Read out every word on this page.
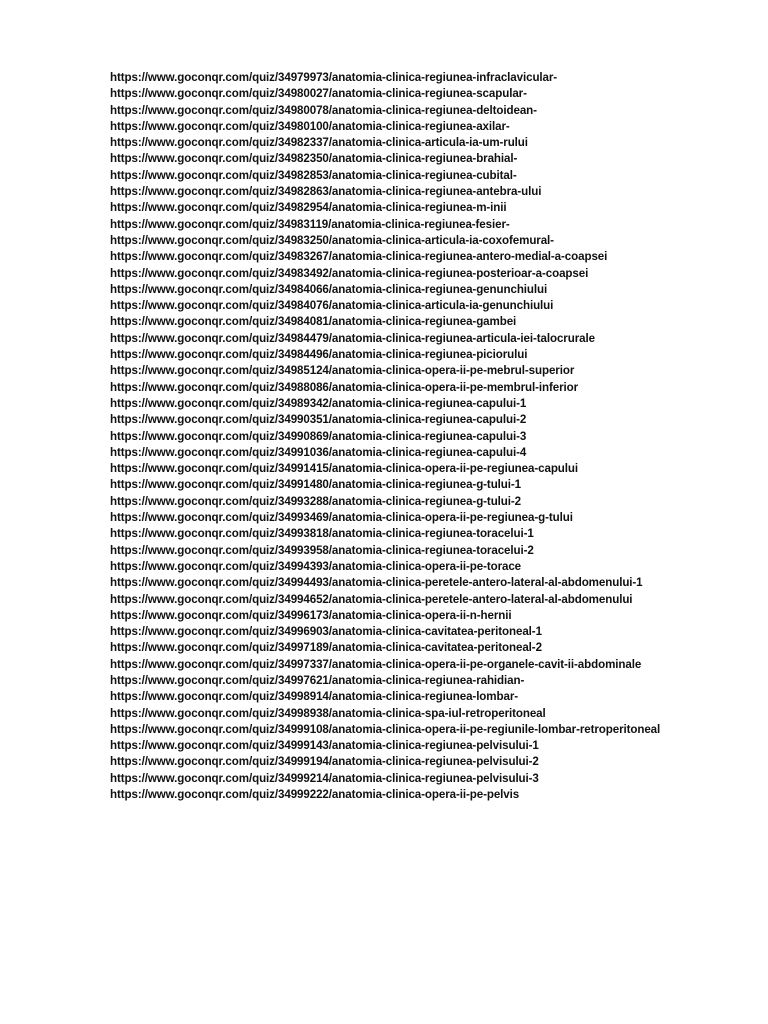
https://www.goconqr.com/quiz/34979973/anatomia-clinica-regiunea-infraclavicular-
https://www.goconqr.com/quiz/34980027/anatomia-clinica-regiunea-scapular-
https://www.goconqr.com/quiz/34980078/anatomia-clinica-regiunea-deltoidean-
https://www.goconqr.com/quiz/34980100/anatomia-clinica-regiunea-axilar-
https://www.goconqr.com/quiz/34982337/anatomia-clinica-articula-ia-um-rului
https://www.goconqr.com/quiz/34982350/anatomia-clinica-regiunea-brahial-
https://www.goconqr.com/quiz/34982853/anatomia-clinica-regiunea-cubital-
https://www.goconqr.com/quiz/34982863/anatomia-clinica-regiunea-antebra-ului
https://www.goconqr.com/quiz/34982954/anatomia-clinica-regiunea-m-inii
https://www.goconqr.com/quiz/34983119/anatomia-clinica-regiunea-fesier-
https://www.goconqr.com/quiz/34983250/anatomia-clinica-articula-ia-coxofemural-
https://www.goconqr.com/quiz/34983267/anatomia-clinica-regiunea-antero-medial-a-coapsei
https://www.goconqr.com/quiz/34983492/anatomia-clinica-regiunea-posterioar-a-coapsei
https://www.goconqr.com/quiz/34984066/anatomia-clinica-regiunea-genunchiului
https://www.goconqr.com/quiz/34984076/anatomia-clinica-articula-ia-genunchiului
https://www.goconqr.com/quiz/34984081/anatomia-clinica-regiunea-gambei
https://www.goconqr.com/quiz/34984479/anatomia-clinica-regiunea-articula-iei-talocrurale
https://www.goconqr.com/quiz/34984496/anatomia-clinica-regiunea-piciorului
https://www.goconqr.com/quiz/34985124/anatomia-clinica-opera-ii-pe-mebrul-superior
https://www.goconqr.com/quiz/34988086/anatomia-clinica-opera-ii-pe-membrul-inferior
https://www.goconqr.com/quiz/34989342/anatomia-clinica-regiunea-capului-1
https://www.goconqr.com/quiz/34990351/anatomia-clinica-regiunea-capului-2
https://www.goconqr.com/quiz/34990869/anatomia-clinica-regiunea-capului-3
https://www.goconqr.com/quiz/34991036/anatomia-clinica-regiunea-capului-4
https://www.goconqr.com/quiz/34991415/anatomia-clinica-opera-ii-pe-regiunea-capului
https://www.goconqr.com/quiz/34991480/anatomia-clinica-regiunea-g-tului-1
https://www.goconqr.com/quiz/34993288/anatomia-clinica-regiunea-g-tului-2
https://www.goconqr.com/quiz/34993469/anatomia-clinica-opera-ii-pe-regiunea-g-tului
https://www.goconqr.com/quiz/34993818/anatomia-clinica-regiunea-toracelui-1
https://www.goconqr.com/quiz/34993958/anatomia-clinica-regiunea-toracelui-2
https://www.goconqr.com/quiz/34994393/anatomia-clinica-opera-ii-pe-torace
https://www.goconqr.com/quiz/34994493/anatomia-clinica-peretele-antero-lateral-al-abdomenului-1
https://www.goconqr.com/quiz/34994652/anatomia-clinica-peretele-antero-lateral-al-abdomenului
https://www.goconqr.com/quiz/34996173/anatomia-clinica-opera-ii-n-hernii
https://www.goconqr.com/quiz/34996903/anatomia-clinica-cavitatea-peritoneal-1
https://www.goconqr.com/quiz/34997189/anatomia-clinica-cavitatea-peritoneal-2
https://www.goconqr.com/quiz/34997337/anatomia-clinica-opera-ii-pe-organele-cavit-ii-abdominale
https://www.goconqr.com/quiz/34997621/anatomia-clinica-regiunea-rahidian-
https://www.goconqr.com/quiz/34998914/anatomia-clinica-regiunea-lombar-
https://www.goconqr.com/quiz/34998938/anatomia-clinica-spa-iul-retroperitoneal
https://www.goconqr.com/quiz/34999108/anatomia-clinica-opera-ii-pe-regiunile-lombar-retroperitoneal
https://www.goconqr.com/quiz/34999143/anatomia-clinica-regiunea-pelvisului-1
https://www.goconqr.com/quiz/34999194/anatomia-clinica-regiunea-pelvisului-2
https://www.goconqr.com/quiz/34999214/anatomia-clinica-regiunea-pelvisului-3
https://www.goconqr.com/quiz/34999222/anatomia-clinica-opera-ii-pe-pelvis
